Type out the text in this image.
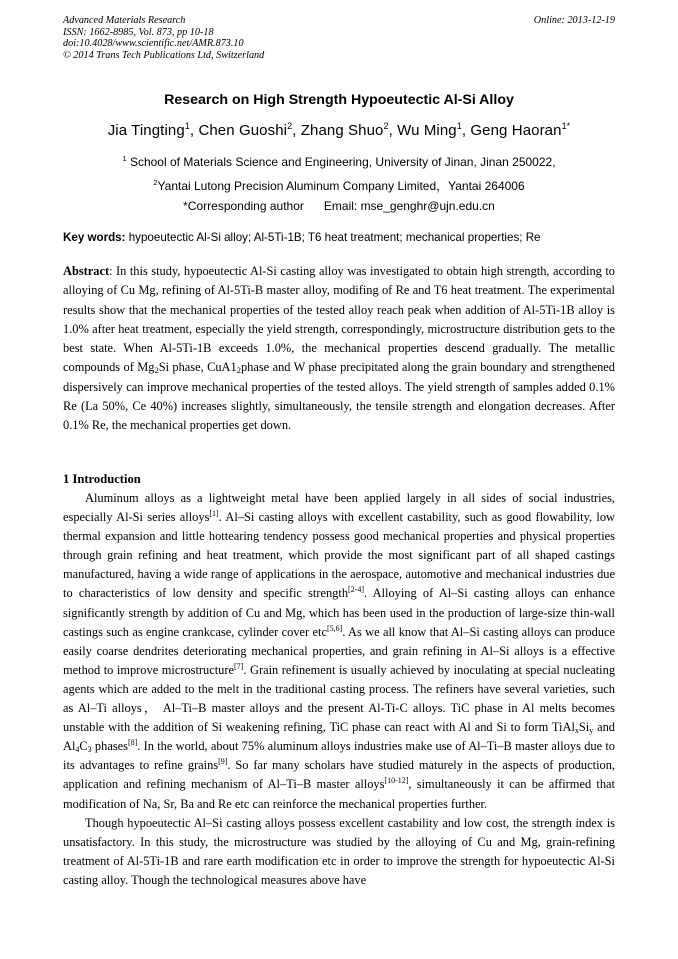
Advanced Materials Research
ISSN: 1662-8985, Vol. 873, pp 10-18
doi:10.4028/www.scientific.net/AMR.873.10
© 2014 Trans Tech Publications Ltd, Switzerland
Online: 2013-12-19
Research on High Strength Hypoeutectic Al-Si Alloy
Jia Tingting$^1$, Chen Guoshi$^2$, Zhang Shuo$^2$, Wu Ming$^1$, Geng Haoran$^{1*}$
$^1$ School of Materials Science and Engineering, University of Jinan, Jinan 250022,
$^2$Yantai Lutong Precision Aluminum Company Limited，Yantai 264006
*Corresponding author Email: mse_genghr@ujn.edu.cn
Key words: hypoeutectic Al-Si alloy; Al-5Ti-1B; T6 heat treatment; mechanical properties; Re

Abstract: In this study, hypoeutectic Al-Si casting alloy was investigated to obtain high strength, according to alloying of Cu Mg, refining of Al-5Ti-B master alloy, modifing of Re and T6 heat treatment. The experimental results show that the mechanical properties of the tested alloy reach peak when addition of Al-5Ti-1B alloy is 1.0% after heat treatment, especially the yield strength, correspondingly, microstructure distribution gets to the best state. When Al-5Ti-1B exceeds 1.0%, the mechanical properties descend gradually. The metallic compounds of $Mg_2Si$ phase, $CuA1_2phase$ and W phase precipitated along the grain boundary and strengthened dispersively can improve mechanical properties of the tested alloys. The yield strength of samples added 0.1% Re (La 50%, Ce 40%) increases slightly, simultaneously, the tensile strength and elongation decreases. After 0.1% Re, the mechanical properties get down.

1 Introduction

Aluminum alloys as a lightweight metal have been applied largely in all sides of social industries, especially Al-Si series alloys[1]. Al–Si casting alloys with excellent castability, such as good flowability, low thermal expansion and little hottearing tendency possess good mechanical properties and physical properties through grain refining and heat treatment, which provide the most significant part of all shaped castings manufactured, having a wide range of applications in the aerospace, automotive and mechanical industries due to characteristics of low density and specific strength[2-4]. Alloying of Al–Si casting alloys can enhance significantly strength by addition of Cu and Mg, which has been used in the production of large-size thin-wall castings such as engine crankcase, cylinder cover etc[5,6]. As we all know that Al–Si casting alloys can produce easily coarse dendrites deteriorating mechanical properties, and grain refining in Al–Si alloys is a effective method to improve microstructure[7]. Grain refinement is usually achieved by inoculating at special nucleating agents which are added to the melt in the traditional casting process. The refiners have several varieties, such as Al–Ti alloys， Al–Ti–B master alloys and the present Al-Ti-C alloys. TiC phase in Al melts becomes unstable with the addition of Si weakening refining, TiC phase can react with Al and Si to form $TiAl_xSi_y$ and $Al_4C_3$ phases[8]. In the world, about 75% aluminum alloys industries make use of Al–Ti–B master alloys due to its advantages to refine grains[9]. So far many scholars have studied maturely in the aspects of production, application and refining mechanism of Al–Ti–B master alloys[10-12], simultaneously it can be affirmed that modification of Na, Sr, Ba and Re etc can reinforce the mechanical properties further.

Though hypoeutectic Al–Si casting alloys possess excellent castability and low cost, the strength index is unsatisfactory. In this study, the microstructure was studied by the alloying of Cu and Mg, grain-refining treatment of Al-5Ti-1B and rare earth modification etc in order to improve the strength for hypoeutectic Al-Si casting alloy. Though the technological measures above have
